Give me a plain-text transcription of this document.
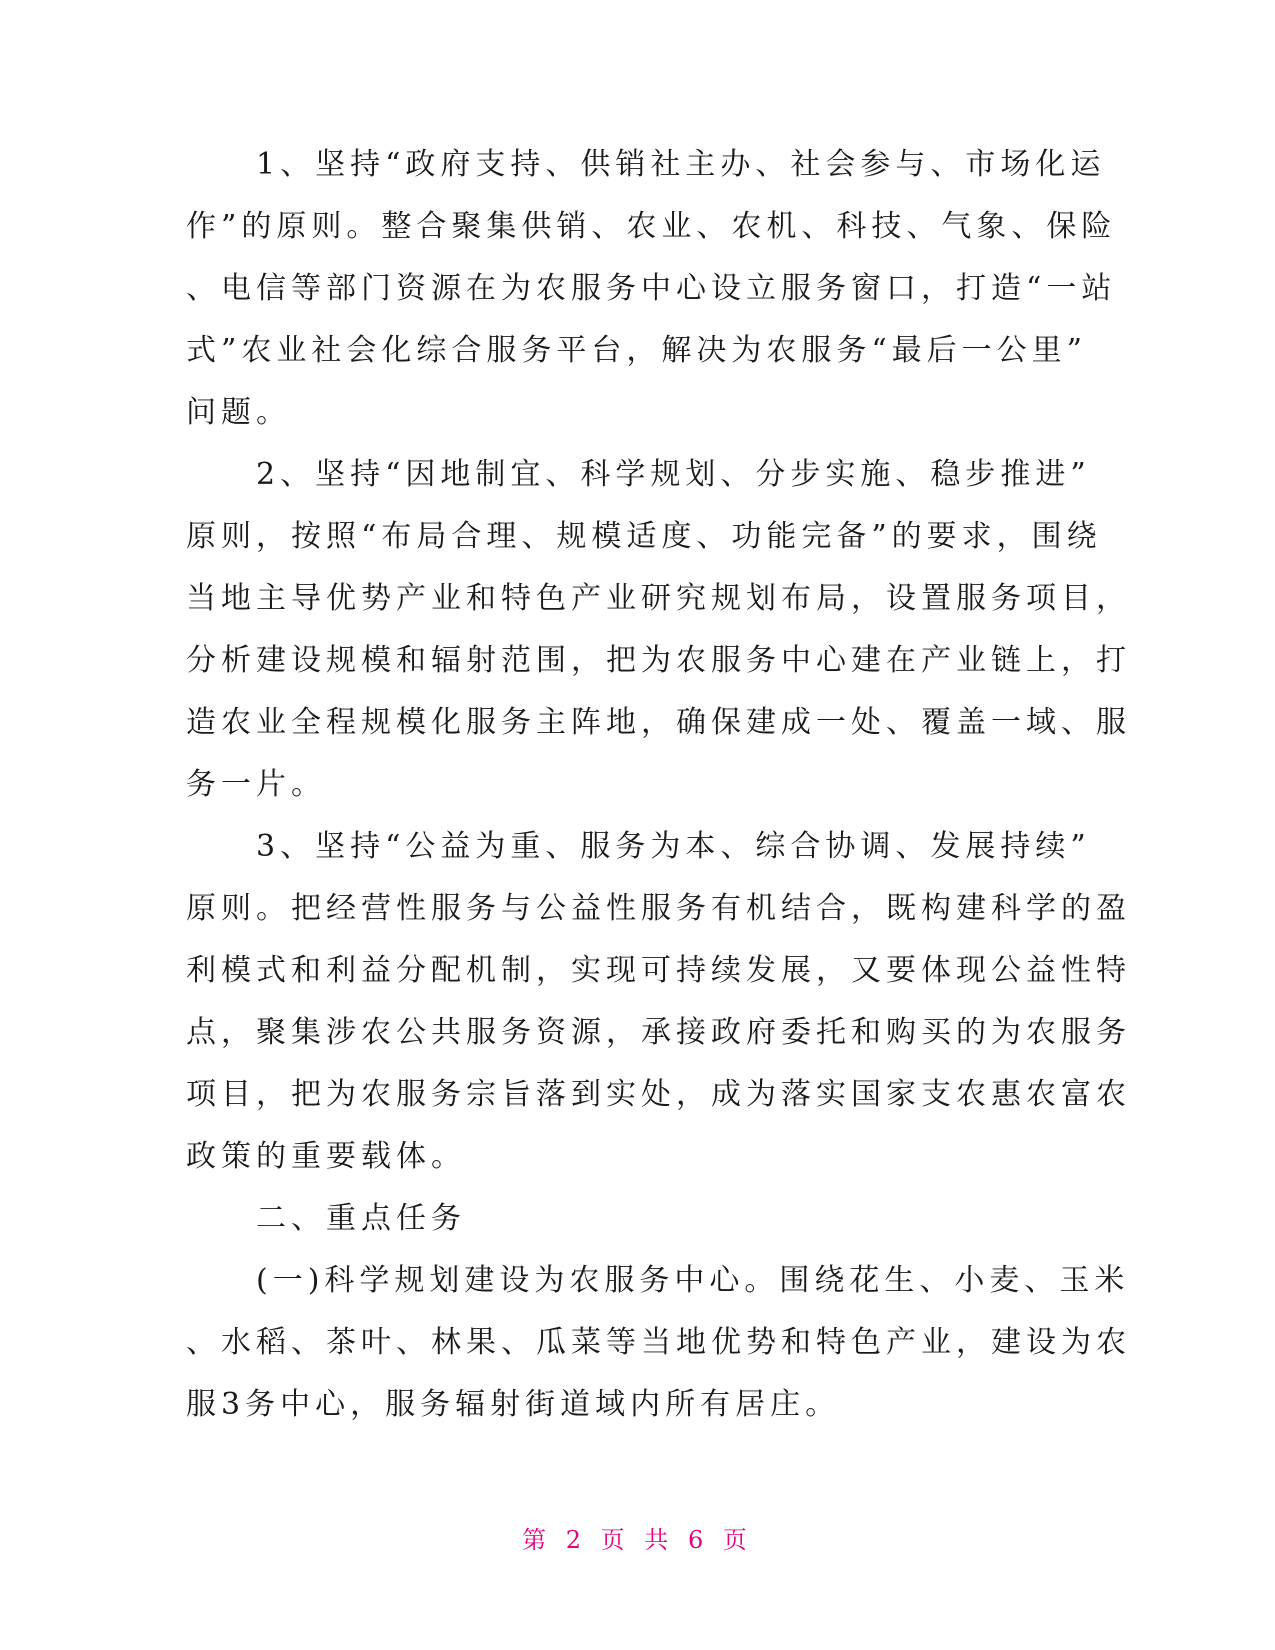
　　1、坚持“政府支持、供销社主办、社会参与、市场化运
作”的原则。整合聚集供销、农业、农机、科技、气象、保险
、电信等部门资源在为农服务中心设立服务窗口，打造“一站
式”农业社会化综合服务平台，解决为农服务“最后一公里”
问题。
　　2、坚持“因地制宜、科学规划、分步实施、稳步推进”
原则，按照“布局合理、规模适度、功能完备”的要求，围绕
当地主导优势产业和特色产业研究规划布局，设置服务项目，
分析建设规模和辐射范围，把为农服务中心建在产业链上，打
造农业全程规模化服务主阵地，确保建成一处、覆盖一域、服
务一片。
　　3、坚持“公益为重、服务为本、综合协调、发展持续”
原则。把经营性服务与公益性服务有机结合，既构建科学的盈
利模式和利益分配机制，实现可持续发展，又要体现公益性特
点，聚集涉农公共服务资源，承接政府委托和购买的为农服务
项目，把为农服务宗旨落到实处，成为落实国家支农惠农富农
政策的重要载体。
　　二、重点任务
　　(一)科学规划建设为农服务中心。围绕花生、小麦、玉米
、水稻、茶叶、林果、瓜菜等当地优势和特色产业，建设为农
服3务中心，服务辐射街道域内所有居庄。
第 2 页 共 6 页
